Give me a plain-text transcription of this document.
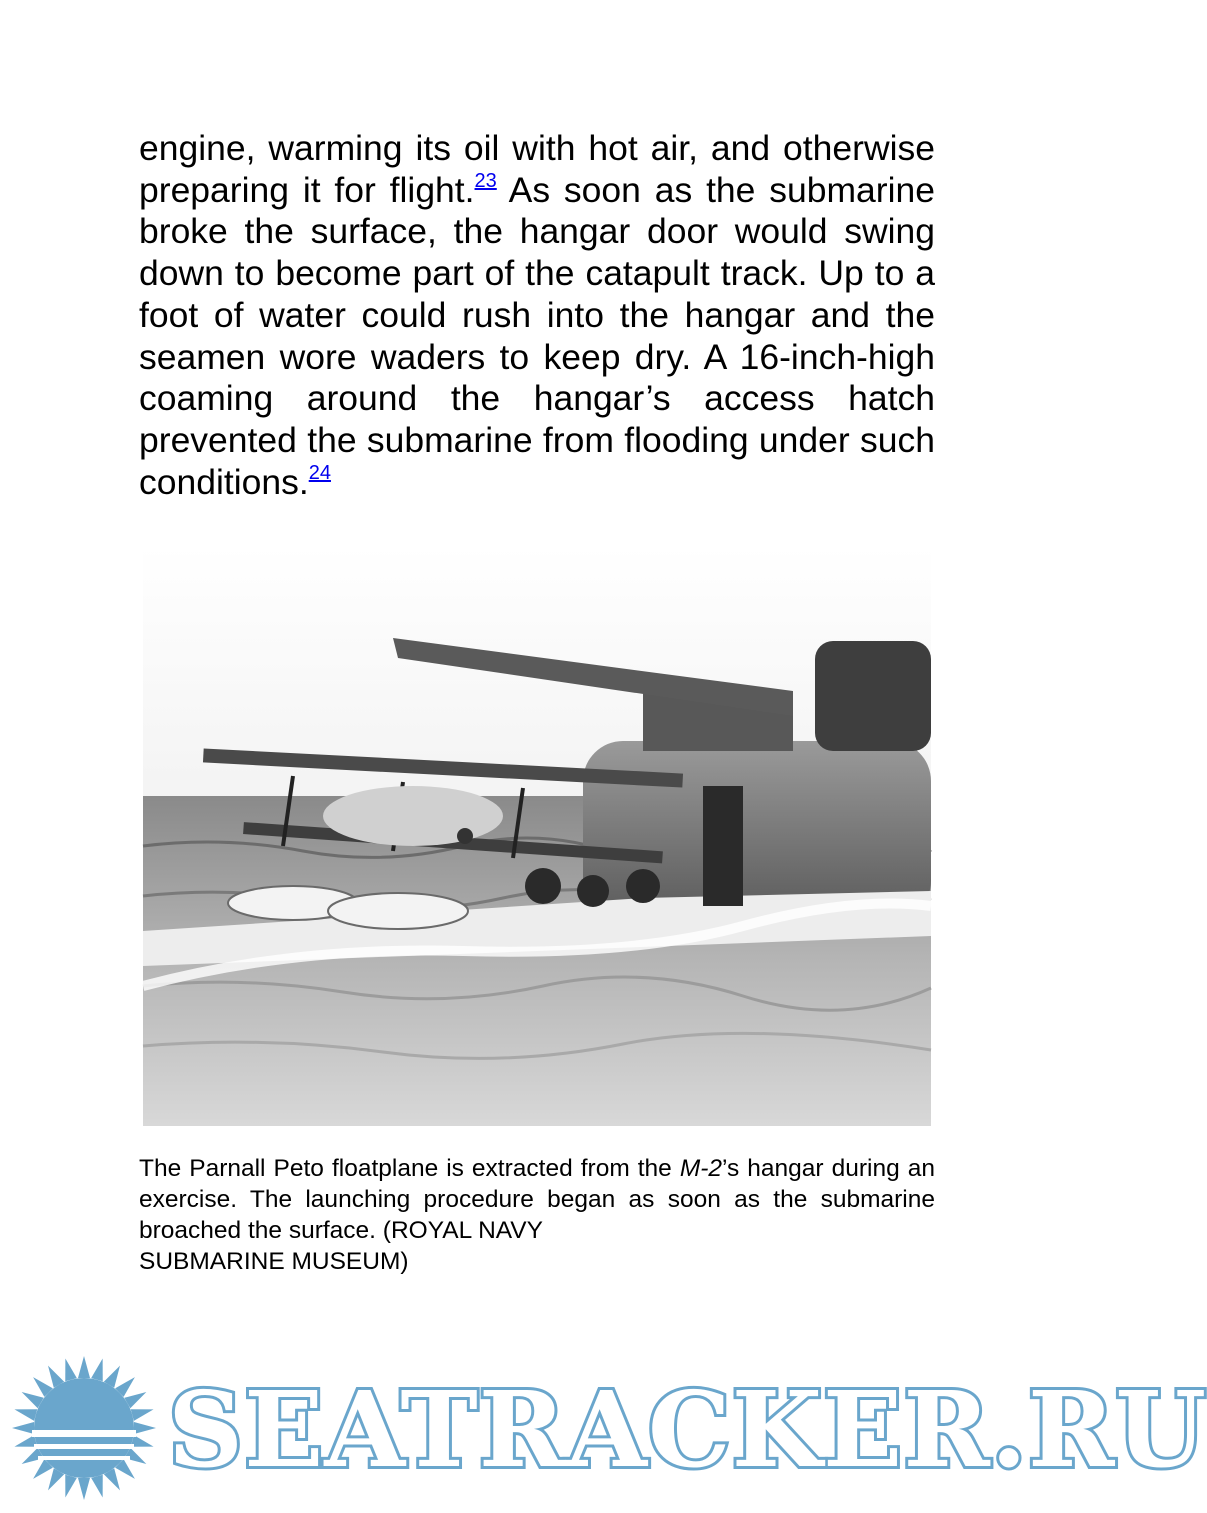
engine, warming its oil with hot air, and otherwise preparing it for flight.$^{23}$ As soon as the submarine broke the surface, the hangar door would swing down to become part of the catapult track. Up to a foot of water could rush into the hangar and the seamen wore waders to keep dry. A 16-inch-high coaming around the hangar’s access hatch prevented the submarine from flooding under such conditions.$^{24}$

The Parnall Peto floatplane is extracted from the M-2’s hangar during an exercise. The launching procedure began as soon as the submarine broached the surface. (ROYAL NAVY
SUBMARINE MUSEUM)

SEATRACKER.RU
